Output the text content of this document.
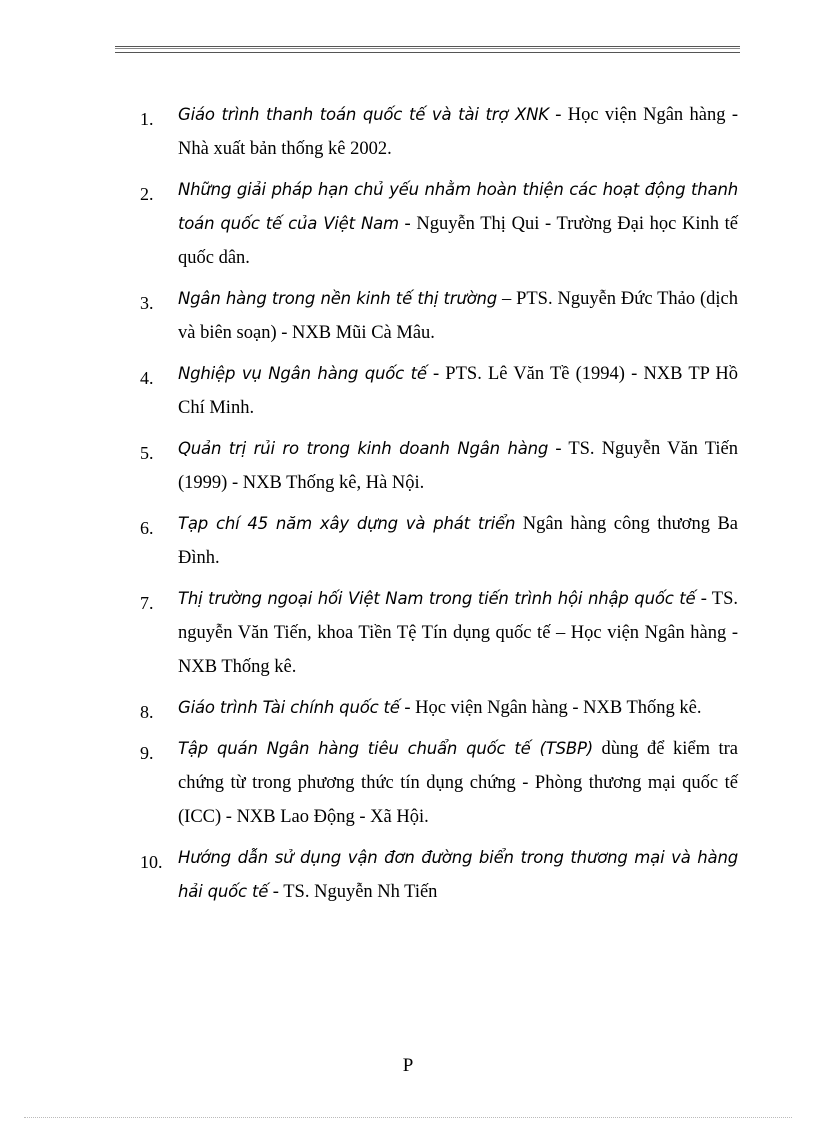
1. Giáo trình thanh toán quốc tế và tài trợ XNK - Học viện Ngân hàng - Nhà xuất bản thống kê 2002.
2. Những giải pháp hạn chủ yếu nhằm hoàn thiện các hoạt động thanh toán quốc tế của Việt Nam - Nguyễn Thị Qui - Trường Đại học Kinh tế quốc dân.
3. Ngân hàng trong nền kinh tế thị trường – PTS. Nguyễn Đức Thảo (dịch và biên soạn) - NXB Mũi Cà Mâu.
4. Nghiệp vụ Ngân hàng quốc tế - PTS. Lê Văn Tề (1994) - NXB TP Hồ Chí Minh.
5. Quản trị rủi ro trong kinh doanh Ngân hàng - TS. Nguyễn Văn Tiến (1999) - NXB Thống kê, Hà Nội.
6. Tạp chí 45 năm xây dựng và phát triển Ngân hàng công thương Ba Đình.
7. Thị trường ngoại hối Việt Nam trong tiến trình hội nhập quốc tế - TS. nguyễn Văn Tiến, khoa Tiền Tệ Tín dụng quốc tế – Học viện Ngân hàng - NXB Thống kê.
8. Giáo trình Tài chính quốc tế - Học viện Ngân hàng - NXB Thống kê.
9. Tập quán Ngân hàng tiêu chuẩn quốc tế (TSBP) dùng để kiểm tra chứng từ trong phương thức tín dụng chứng - Phòng thương mại quốc tế (ICC) - NXB Lao Động - Xã Hội.
10. Hướng dẫn sử dụng vận đơn đường biển trong thương mại và hàng hải quốc tế - TS. Nguyễn Nh Tiến
P
